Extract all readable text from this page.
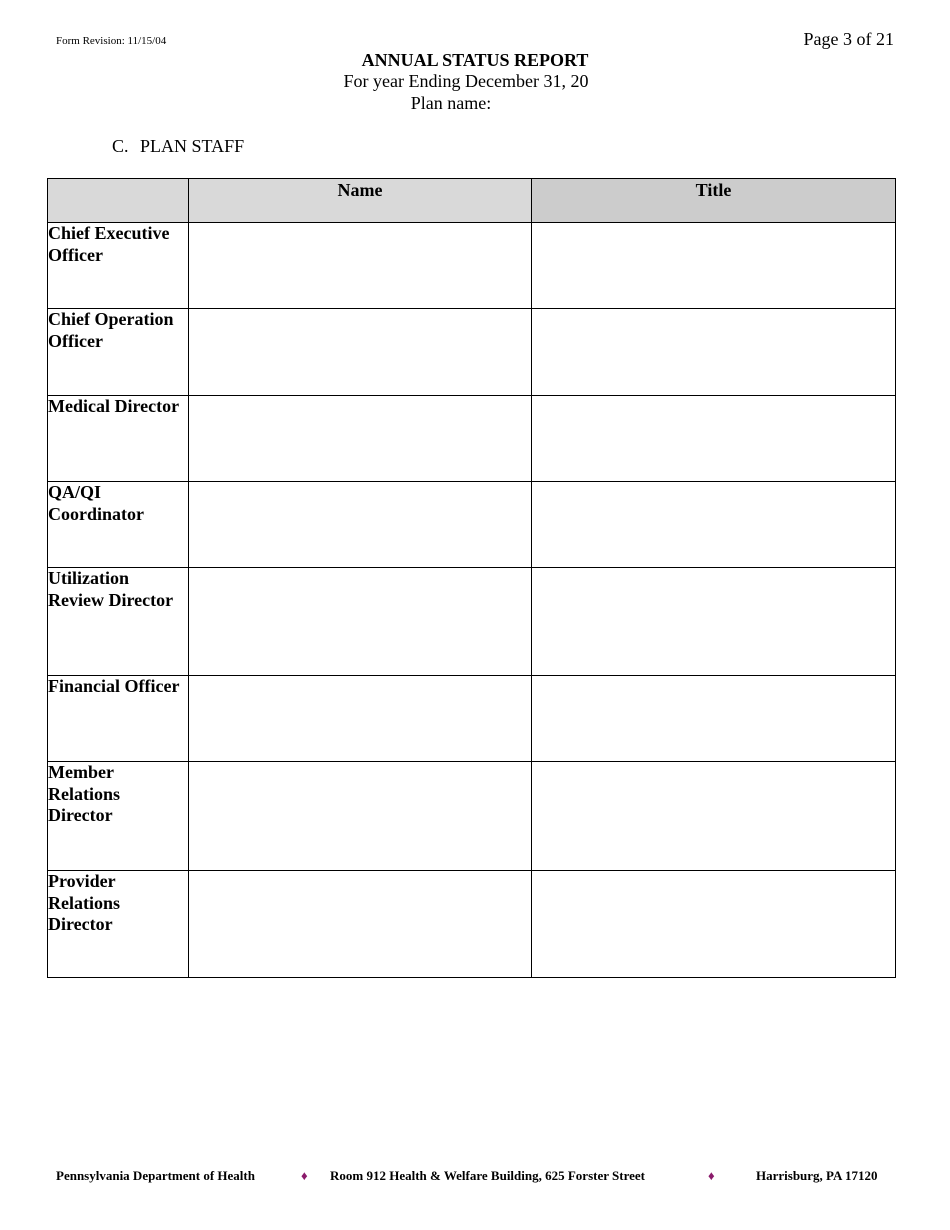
Form Revision: 11/15/04	Page 3 of 21
ANNUAL STATUS REPORT
For year Ending December 31, 20
Plan name:
C. PLAN STAFF
	Name	Title
Chief Executive Officer		
Chief Operation Officer		
Medical Director		
QA/QI Coordinator		
Utilization Review Director		
Financial Officer		
Member Relations Director		
Provider Relations Director		
Pennsylvania Department of Health	♦ Room 912 Health & Welfare Building, 625 Forster Street	♦	Harrisburg, PA 17120
